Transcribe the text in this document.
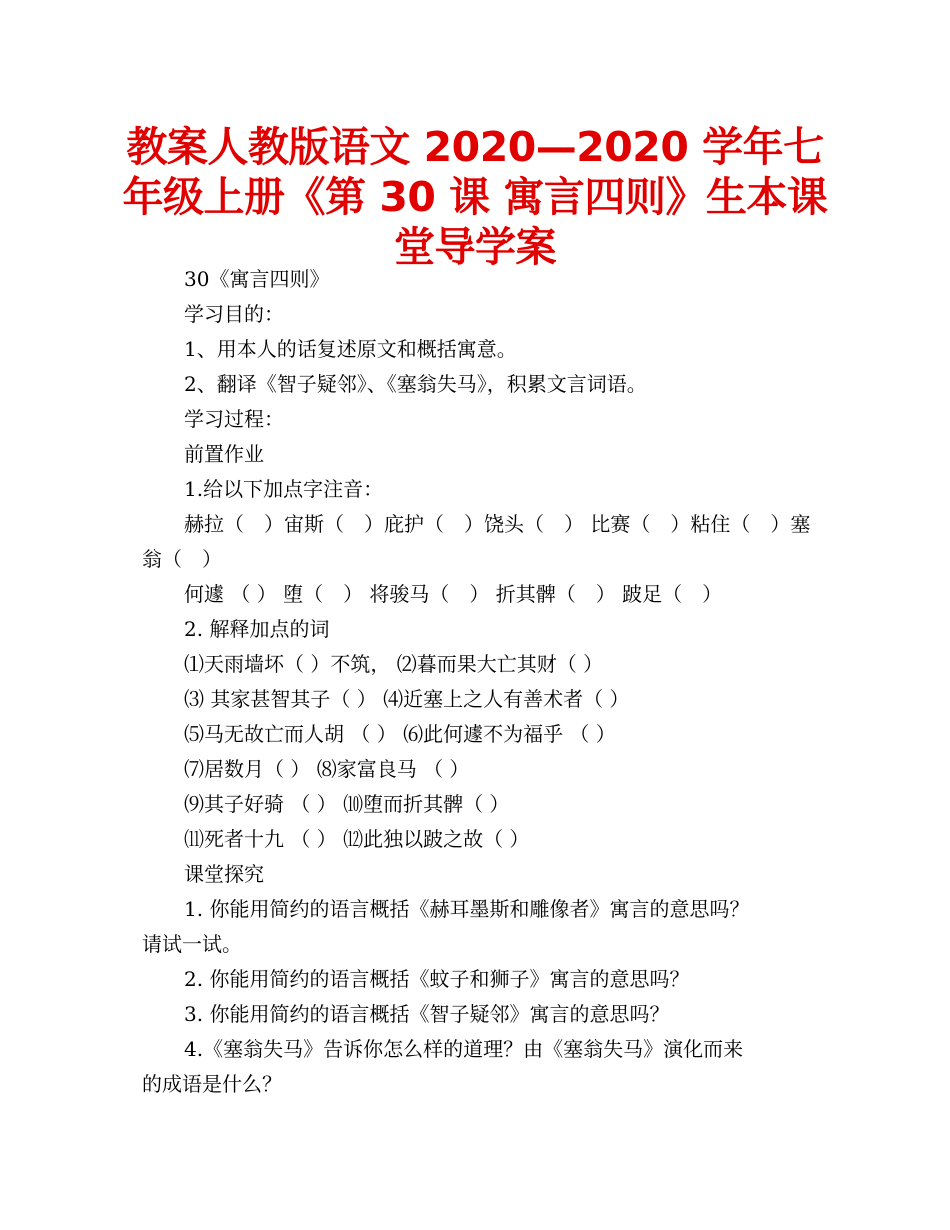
教案人教版语文 2020—2020 学年七年级上册《第 30 课 寓言四则》生本课堂导学案
30《寓言四则》
学习目的：
1、用本人的话复述原文和概括寓意。
2、翻译《智子疑邻》、《塞翁失马》，积累文言词语。
学习过程：
前置作业
1.给以下加点字注音：
赫拉（　）宙斯（　）庇护（　）饶头（　） 比赛（　）粘住（　）塞
翁（　）
何遽 （ ） 堕（　） 将骏马（　） 折其髀（　） 跛足（　）
2. 解释加点的词
⑴天雨墙坏（ ）不筑， ⑵暮而果大亡其财（ ）
⑶ 其家甚智其子（ ） ⑷近塞上之人有善术者（ ）
⑸马无故亡而人胡 （ ） ⑹此何遽不为福乎 （ ）
⑺居数月（ ） ⑻家富良马 （ ）
⑼其子好骑 （ ） ⑽堕而折其髀（ ）
⑾死者十九 （ ） ⑿此独以跛之故（ ）
课堂探究
1. 你能用简约的语言概括《赫耳墨斯和雕像者》寓言的意思吗？
请试一试。
2. 你能用简约的语言概括《蚊子和狮子》寓言的意思吗？
3. 你能用简约的语言概括《智子疑邻》寓言的意思吗？
4.《塞翁失马》告诉你怎么样的道理？由《塞翁失马》演化而来
的成语是什么？
